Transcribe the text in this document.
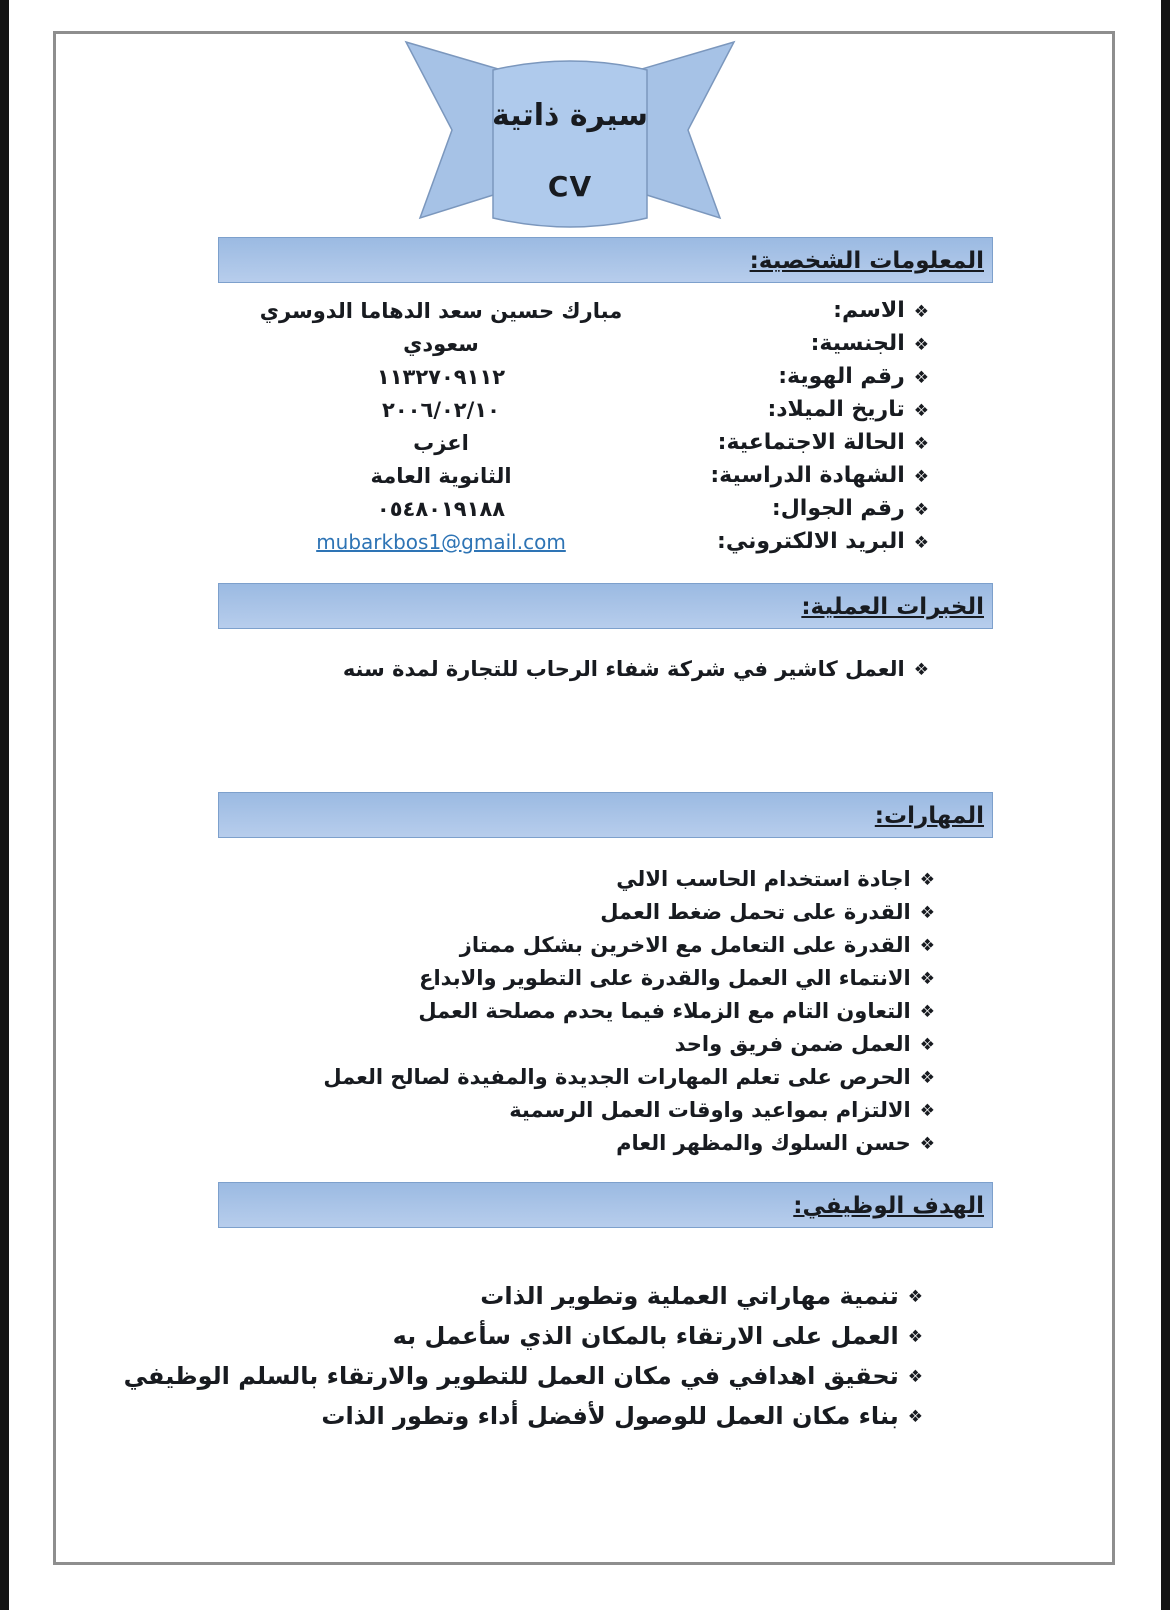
سيرة ذاتية
CV
المعلومات الشخصية:
❖
الاسم:
مبارك حسين سعد الدهاما الدوسري
❖
الجنسية:
سعودي
❖
رقم الهوية:
١١٣٢٧٠٩١١٢
❖
تاريخ الميلاد:
٢٠٠٦/٠٢/١٠
❖
الحالة الاجتماعية:
اعزب
❖
الشهادة الدراسية:
الثانوية العامة
❖
رقم الجوال:
٠٥٤٨٠١٩١٨٨
❖
البريد الالكتروني:
mubarkbos1@gmail.com
الخبرات العملية:
❖
العمل كاشير في شركة شفاء الرحاب للتجارة لمدة سنه
المهارات:
❖
اجادة استخدام الحاسب الالي
❖
القدرة على تحمل ضغط العمل
❖
القدرة على التعامل مع الاخرين بشكل ممتاز
❖
الانتماء الي العمل والقدرة على التطوير والابداع
❖
التعاون التام مع الزملاء فيما يحدم مصلحة العمل
❖
العمل ضمن فريق واحد
❖
الحرص على تعلم المهارات الجديدة والمفيدة لصالح العمل
❖
الالتزام بمواعيد واوقات العمل الرسمية
❖
حسن السلوك والمظهر العام
الهدف الوظيفي:
❖
تنمية مهاراتي العملية وتطوير الذات
❖
العمل على الارتقاء بالمكان الذي سأعمل به
❖
تحقيق اهدافي في مكان العمل للتطوير والارتقاء بالسلم الوظيفي
❖
بناء مكان العمل للوصول لأفضل أداء وتطور الذات
